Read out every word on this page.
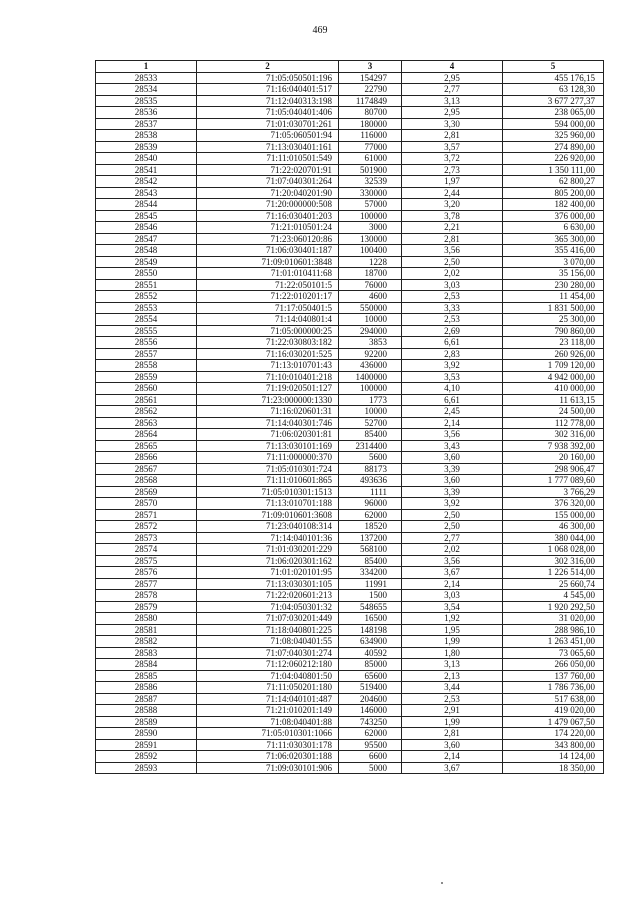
469
1	2	3	4	5
28533	71:05:050501:196	154297	2,95	455 176,15
28534	71:16:040401:517	22790	2,77	63 128,30
28535	71:12:040313:198	1174849	3,13	3 677 277,37
28536	71:05:040401:406	80700	2,95	238 065,00
28537	71:01:030701:261	180000	3,30	594 000,00
28538	71:05:060501:94	116000	2,81	325 960,00
28539	71:13:030401:161	77000	3,57	274 890,00
28540	71:11:010501:549	61000	3,72	226 920,00
28541	71:22:020701:91	501900	2,73	1 350 111,00
28542	71:07:040301:264	32539	1,97	62 800,27
28543	71:20:040201:90	330000	2,44	805 200,00
28544	71:20:000000:508	57000	3,20	182 400,00
28545	71:16:030401:203	100000	3,78	376 000,00
28546	71:21:010501:24	3000	2,21	6 630,00
28547	71:23:060120:86	130000	2,81	365 300,00
28548	71:06:030401:187	100400	3,56	355 416,00
28549	71:09:010601:3848	1228	2,50	3 070,00
28550	71:01:010411:68	18700	2,02	35 156,00
28551	71:22:050101:5	76000	3,03	230 280,00
28552	71:22:010201:17	4600	2,53	11 454,00
28553	71:17:050401:5	550000	3,33	1 831 500,00
28554	71:14:040801:4	10000	2,53	25 300,00
28555	71:05:000000:25	294000	2,69	790 860,00
28556	71:22:030803:182	3853	6,61	23 118,00
28557	71:16:030201:525	92200	2,83	260 926,00
28558	71:13:010701:43	436000	3,92	1 709 120,00
28559	71:10:010401:218	1400000	3,53	4 942 000,00
28560	71:19:020501:127	100000	4,10	410 000,00
28561	71:23:000000:1330	1773	6,61	11 613,15
28562	71:16:020601:31	10000	2,45	24 500,00
28563	71:14:040301:746	52700	2,14	112 778,00
28564	71:06:020301:81	85400	3,56	302 316,00
28565	71:13:030101:169	2314400	3,43	7 938 392,00
28566	71:11:000000:370	5600	3,60	20 160,00
28567	71:05:010301:724	88173	3,39	298 906,47
28568	71:11:010601:865	493636	3,60	1 777 089,60
28569	71:05:010301:1513	1111	3,39	3 766,29
28570	71:13:010701:188	96000	3,92	376 320,00
28571	71:09:010601:3608	62000	2,50	155 000,00
28572	71:23:040108:314	18520	2,50	46 300,00
28573	71:14:040101:36	137200	2,77	380 044,00
28574	71:01:030201:229	568100	2,02	1 068 028,00
28575	71:06:020301:162	85400	3,56	302 316,00
28576	71:01:020101:95	334200	3,67	1 226 514,00
28577	71:13:030301:105	11991	2,14	25 660,74
28578	71:22:020601:213	1500	3,03	4 545,00
28579	71:04:050301:32	548655	3,54	1 920 292,50
28580	71:07:030201:449	16500	1,92	31 020,00
28581	71:18:040801:225	148198	1,95	288 986,10
28582	71:08:040401:55	634900	1,99	1 263 451,00
28583	71:07:040301:274	40592	1,80	73 065,60
28584	71:12:060212:180	85000	3,13	266 050,00
28585	71:04:040801:50	65600	2,13	137 760,00
28586	71:11:050201:180	519400	3,44	1 786 736,00
28587	71:14:040101:487	204600	2,53	517 638,00
28588	71:21:010201:149	146000	2,91	419 020,00
28589	71:08:040401:88	743250	1,99	1 479 067,50
28590	71:05:010301:1066	62000	2,81	174 220,00
28591	71:11:030301:178	95500	3,60	343 800,00
28592	71:06:020301:188	6600	2,14	14 124,00
28593	71:09:030101:906	5000	3,67	18 350,00
